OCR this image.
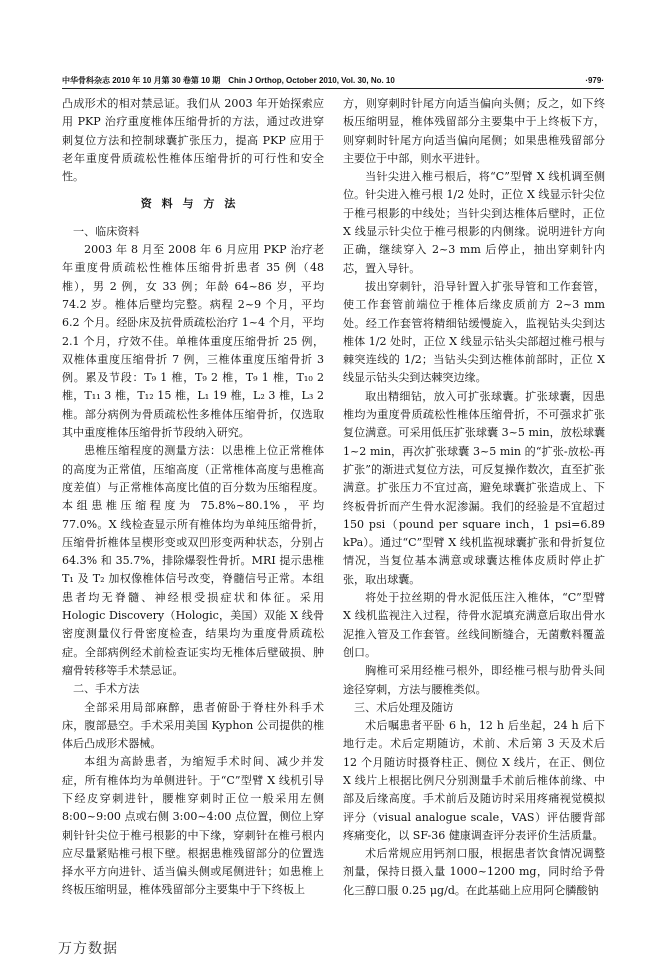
中华骨科杂志 2010 年 10 月第 30 卷第 10 期　Chin J Orthop, October 2010, Vol. 30, No. 10	·979·

凸成形术的相对禁忌证。我们从 2003 年开始探索应用 PKP 治疗重度椎体压缩骨折的方法，通过改进穿刺复位方法和控制球囊扩张压力，提高 PKP 应用于老年重度骨质疏松性椎体压缩骨折的可行性和安全性。

资料与方法

一、临床资料

2003 年 8 月至 2008 年 6 月应用 PKP 治疗老年重度骨质疏松性椎体压缩骨折患者 35 例（48 椎），男 2 例，女 33 例；年龄 64~86 岁，平均 74.2 岁。椎体后壁均完整。病程 2~9 个月，平均 6.2 个月。经卧床及抗骨质疏松治疗 1~4 个月，平均 2.1 个月，疗效不佳。单椎体重度压缩骨折 25 例，双椎体重度压缩骨折 7 例，三椎体重度压缩骨折 3 例。累及节段：T₉ 1 椎，T₉ 2 椎，T₉ 1 椎，T₁₀ 2 椎，T₁₁ 3 椎，T₁₂ 15 椎，L₁ 19 椎，L₂ 3 椎，L₃ 2 椎。部分病例为骨质疏松性多椎体压缩骨折，仅选取其中重度椎体压缩骨折节段纳入研究。

患椎压缩程度的测量方法：以患椎上位正常椎体的高度为正常值，压缩高度（正常椎体高度与患椎高度差值）与正常椎体高度比值的百分数为压缩程度。本组患椎压缩程度为 75.8%~80.1%，平均 77.0%。X 线检查显示所有椎体均为单纯压缩骨折，压缩骨折椎体呈楔形变或双凹形变两种状态，分别占 64.3% 和 35.7%，排除爆裂性骨折。MRI 提示患椎 T₁ 及 T₂ 加权像椎体信号改变，脊髓信号正常。本组患者均无脊髓、神经根受损症状和体征。采用 Hologic Discovery（Hologic，美国）双能 X 线骨密度测量仪行骨密度检查，结果均为重度骨质疏松症。全部病例经术前检查证实均无椎体后壁破损、肿瘤骨转移等手术禁忌证。

二、手术方法

全部采用局部麻醉，患者俯卧于脊柱外科手术床，腹部悬空。手术采用美国 Kyphon 公司提供的椎体后凸成形术器械。

本组为高龄患者，为缩短手术时间、减少并发症，所有椎体均为单侧进针。于“C”型臂 X 线机引导下经皮穿刺进针，腰椎穿刺时正位一般采用左侧 8:00~9:00 点或右侧 3:00~4:00 点位置，侧位上穿刺针针尖位于椎弓根影的中下缘，穿刺针在椎弓根内应尽量紧贴椎弓根下壁。根据患椎残留部分的位置选择水平方向进针、适当偏头侧或尾侧进针；如患椎上终板压缩明显，椎体残留部分主要集中于下终板上

方，则穿刺时针尾方向适当偏向头侧；反之，如下终板压缩明显，椎体残留部分主要集中于上终板下方，则穿刺时针尾方向适当偏向尾侧；如果患椎残留部分主要位于中部，则水平进针。

当针尖进入椎弓根后，将“C”型臂 X 线机调至侧位。针尖进入椎弓根 1/2 处时，正位 X 线显示针尖位于椎弓根影的中线处；当针尖到达椎体后壁时，正位 X 线显示针尖位于椎弓根影的内侧缘。说明进针方向正确，继续穿入 2~3 mm 后停止，抽出穿刺针内芯，置入导针。

拔出穿刺针，沿导针置入扩张导管和工作套管，使工作套管前端位于椎体后缘皮质前方 2~3 mm 处。经工作套管将精细钻缓慢旋入，监视钻头尖到达椎体 1/2 处时，正位 X 线显示钻头尖部超过椎弓根与棘突连线的 1/2；当钻头尖到达椎体前部时，正位 X 线显示钻头尖到达棘突边缘。

取出精细钻，放入可扩张球囊。扩张球囊，因患椎均为重度骨质疏松性椎体压缩骨折，不可强求扩张复位满意。可采用低压扩张球囊 3~5 min，放松球囊 1~2 min，再次扩张球囊 3~5 min 的“扩张-放松-再扩张”的渐进式复位方法，可反复操作数次，直至扩张满意。扩张压力不宜过高，避免球囊扩张造成上、下终板骨折而产生骨水泥渗漏。我们的经验是不宜超过 150 psi（pound per square inch，1 psi=6.89 kPa）。通过“C”型臂 X 线机监视球囊扩张和骨折复位情况，当复位基本满意或球囊达椎体皮质时停止扩张，取出球囊。

将处于拉丝期的骨水泥低压注入椎体，“C”型臂 X 线机监视注入过程，待骨水泥填充满意后取出骨水泥推入管及工作套管。丝线间断缝合，无菌敷料覆盖创口。

胸椎可采用经椎弓根外，即经椎弓根与肋骨头间途径穿刺，方法与腰椎类似。

三、术后处理及随访

术后嘱患者平卧 6 h，12 h 后坐起，24 h 后下地行走。术后定期随访，术前、术后第 3 天及术后 12 个月随访时摄脊柱正、侧位 X 线片，在正、侧位 X 线片上根据比例尺分别测量手术前后椎体前缘、中部及后缘高度。手术前后及随访时采用疼痛视觉模拟评分（visual analogue scale，VAS）评估腰背部疼痛变化，以 SF-36 健康调查评分表评价生活质量。

术后常规应用钙剂口服，根据患者饮食情况调整剂量，保持日摄入量 1000~1200 mg，同时给予骨化三醇口服 0.25 μg/d。在此基础上应用阿仑膦酸钠

万方数据
